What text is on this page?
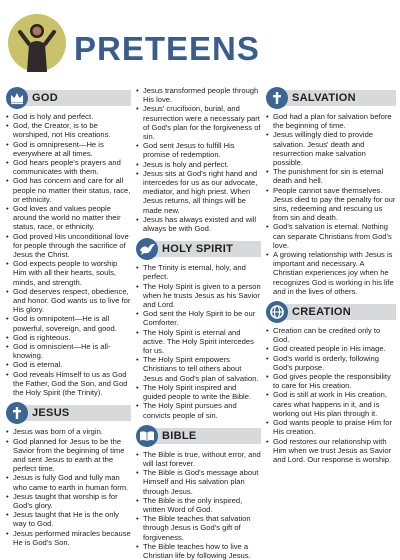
PRETEENS
GOD
• God is holy and perfect.
• God, the Creator, is to be worshiped, not His creations.
• God is omnipresent—He is everywhere at all times.
• God hears people's prayers and communicates with them.
• God has concern and care for all people no matter their status, race, or ethnicity.
• God loves and values people around the world no matter their status, race, or ethnicity.
• God proved His unconditional love for people through the sacrifice of Jesus the Christ.
• God expects people to worship Him with all their hearts, souls, minds, and strength.
• God deserves respect, obedience, and honor. God wants us to live for His glory.
• God is omnipotent—He is all powerful, sovereign, and good.
• God is righteous.
• God is omniscient—He is all-knowing.
• God is eternal.
• God reveals Himself to us as God the Father, God the Son, and God the Holy Spirit (the Trinity).
JESUS
• Jesus was born of a virgin.
• God planned for Jesus to be the Savior from the beginning of time and sent Jesus to earth at the perfect time.
• Jesus is fully God and fully man who came to earth in human form.
• Jesus taught that worship is for God's glory.
• Jesus taught that He is the only way to God.
• Jesus performed miracles because He is God's Son.
• Jesus transformed people through His love.
• Jesus' crucifixion, burial, and resurrection were a necessary part of God's plan for the forgiveness of sin.
• God sent Jesus to fulfill His promise of redemption.
• Jesus is holy and perfect.
• Jesus sits at God's right hand and intercedes for us as our advocate, mediator, and high priest. When Jesus returns, all things will be made new.
• Jesus has always existed and will always be with God.
HOLY SPIRIT
• The Trinity is eternal, holy, and perfect.
• The Holy Spirit is given to a person when he trusts Jesus as his Savior and Lord.
• God sent the Holy Spirit to be our Comforter.
• The Holy Spirit is eternal and active. The Holy Spirit intercedes for us.
• The Holy Spirit empowers Christians to tell others about Jesus and God's plan of salvation.
• The Holy Spirit inspired and guided people to write the Bible.
• The Holy Spirit pursues and convicts people of sin.
BIBLE
• The Bible is true, without error, and will last forever.
• The Bible is God's message about Himself and His salvation plan through Jesus.
• The Bible is the only inspired, written Word of God.
• The Bible teaches that salvation through Jesus is God's gift of forgiveness.
• The Bible teaches how to live a Christian life by following Jesus.
SALVATION
• God had a plan for salvation before the beginning of time.
• Jesus willingly died to provide salvation. Jesus' death and resurrection make salvation possible.
• The punishment for sin is eternal death and hell.
• People cannot save themselves. Jesus died to pay the penalty for our sins, redeeming and rescuing us from sin and death.
• God's salvation is eternal. Nothing can separate Christians from God's love.
• A growing relationship with Jesus is important and necessary. A Christian experiences joy when he recognizes God is working in his life and in the lives of others.
CREATION
• Creation can be credited only to God.
• God created people in His image.
• God's world is orderly, following God's purpose.
• God gives people the responsibility to care for His creation.
• God is still at work in His creation, cares what happens in it, and is working out His plan through it.
• God wants people to praise Him for His creation.
• God restores our relationship with Him when we trust Jesus as Savior and Lord. Our response is worship.
